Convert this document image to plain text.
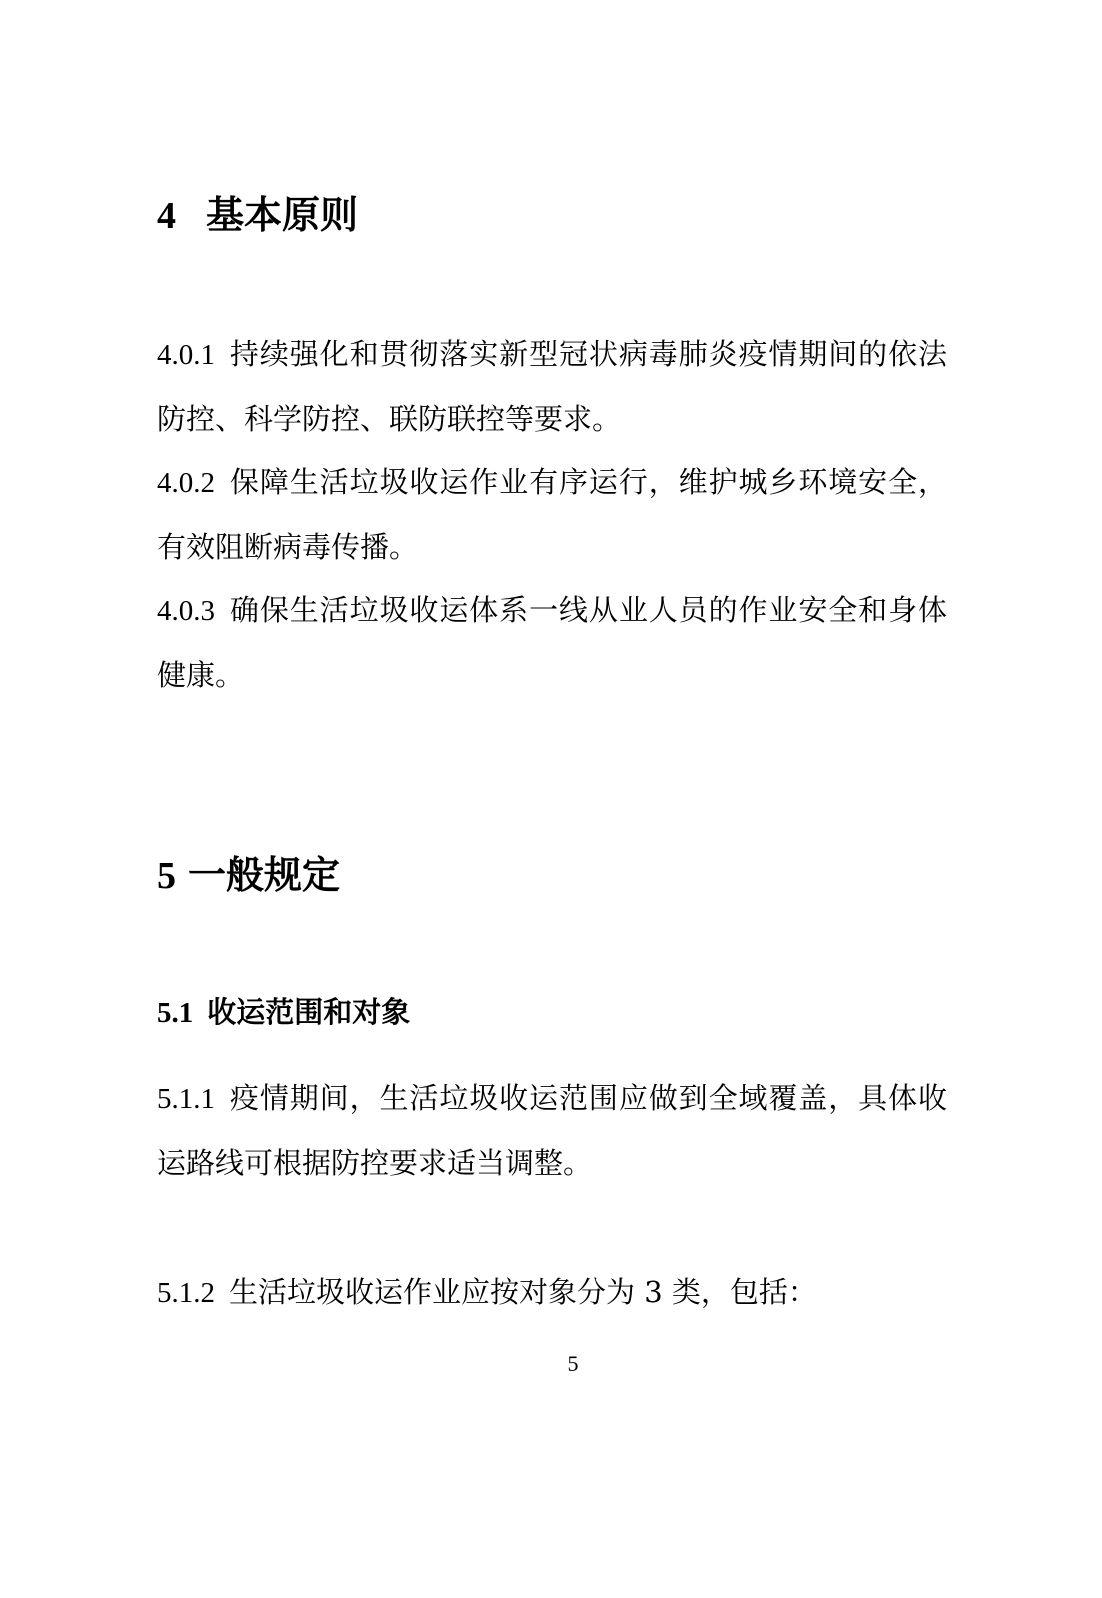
4 基本原则
4.0.1 持续强化和贯彻落实新型冠状病毒肺炎疫情期间的依法防控、科学防控、联防联控等要求。
4.0.2 保障生活垃圾收运作业有序运行，维护城乡环境安全，有效阻断病毒传播。
4.0.3 确保生活垃圾收运体系一线从业人员的作业安全和身体健康。
5 一般规定
5.1 收运范围和对象
5.1.1 疫情期间，生活垃圾收运范围应做到全域覆盖，具体收运路线可根据防控要求适当调整。
5.1.2 生活垃圾收运作业应按对象分为 3 类，包括：
5
